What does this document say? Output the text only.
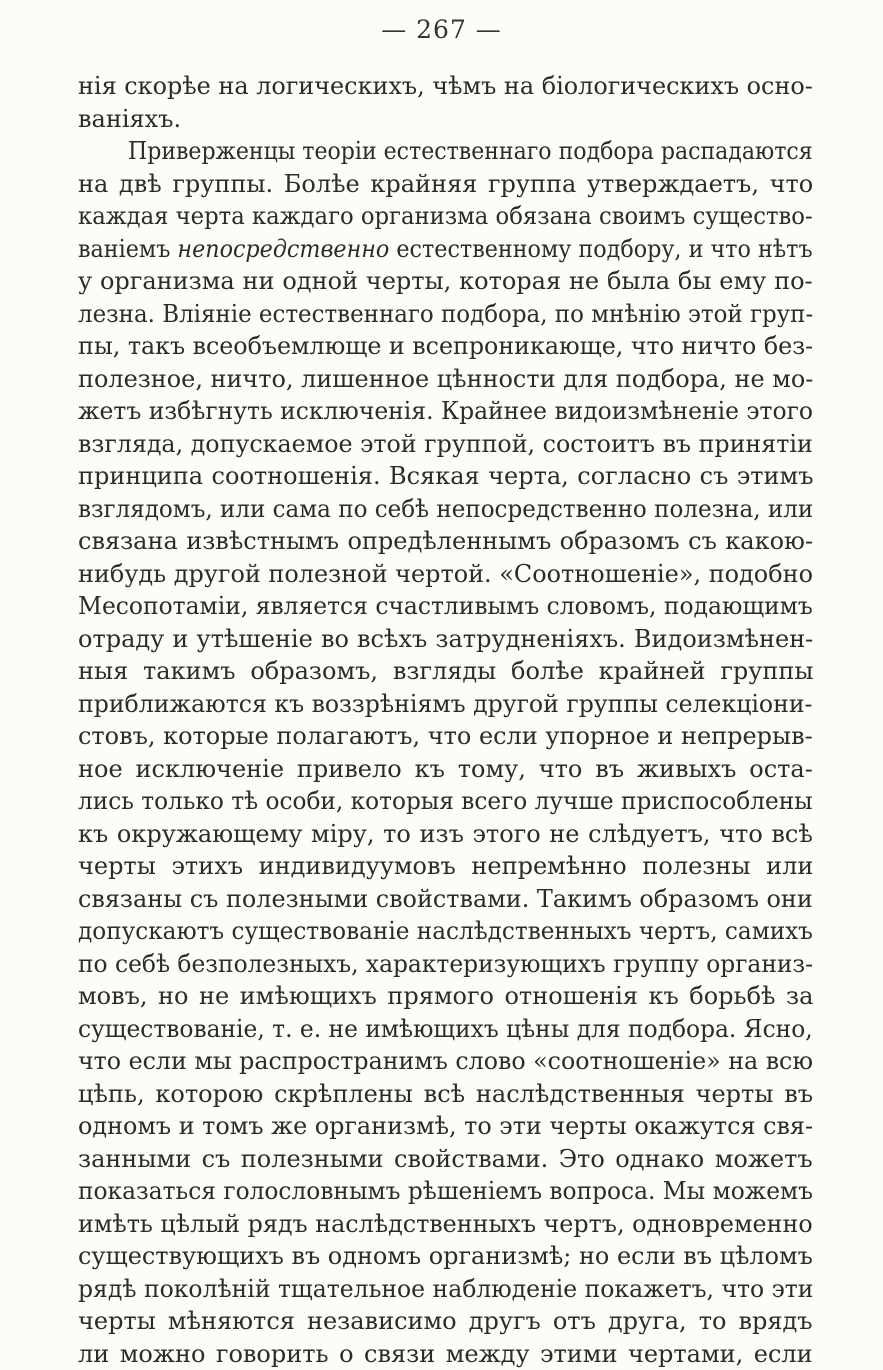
— 267 —
нія скорѣе на логическихъ, чѣмъ на біологическихъ осно-
ваніяхъ.
Приверженцы теоріи естественнаго подбора распадаются
на двѣ группы. Болѣе крайняя группа утверждаетъ, что
каждая черта каждаго организма обязана своимъ существо-
ваніемъ непосредственно естественному подбору, и что нѣтъ
у организма ни одной черты, которая не была бы ему по-
лезна. Вліяніе естественнаго подбора, по мнѣнію этой груп-
пы, такъ всеобъемлюще и всепроникающе, что ничто без-
полезное, ничто, лишенное цѣнности для подбора, не мо-
жетъ избѣгнуть исключенія. Крайнее видоизмѣненіе этого
взгляда, допускаемое этой группой, состоитъ въ принятіи
принципа соотношенія. Всякая черта, согласно съ этимъ
взглядомъ, или сама по себѣ непосредственно полезна, или
связана извѣстнымъ опредѣленнымъ образомъ съ какою-
нибудь другой полезной чертой. «Соотношеніе», подобно
Месопотаміи, является счастливымъ словомъ, подающимъ
отраду и утѣшеніе во всѣхъ затрудненіяхъ. Видоизмѣнен-
ныя такимъ образомъ, взгляды болѣе крайней группы
приближаются къ воззрѣніямъ другой группы селекціони-
стовъ, которые полагаютъ, что если упорное и непрерыв-
ное исключеніе привело къ тому, что въ живыхъ оста-
лись только тѣ особи, которыя всего лучше приспособлены
къ окружающему міру, то изъ этого не слѣдуетъ, что всѣ
черты этихъ индивидуумовъ непремѣнно полезны или
связаны съ полезными свойствами. Такимъ образомъ они
допускаютъ существованіе наслѣдственныхъ чертъ, самихъ
по себѣ безполезныхъ, характеризующихъ группу организ-
мовъ, но не имѣющихъ прямого отношенія къ борьбѣ за
существованіе, т. е. не имѣющихъ цѣны для подбора. Ясно,
что если мы распространимъ слово «соотношеніе» на всю
цѣпь, которою скрѣплены всѣ наслѣдственныя черты въ
одномъ и томъ же организмѣ, то эти черты окажутся свя-
занными съ полезными свойствами. Это однако можетъ
показаться голословнымъ рѣшеніемъ вопроса. Мы можемъ
имѣть цѣлый рядъ наслѣдственныхъ чертъ, одновременно
существующихъ въ одномъ организмѣ; но если въ цѣломъ
рядѣ поколѣній тщательное наблюденіе покажетъ, что эти
черты мѣняются независимо другъ отъ друга, то врядъ
ли можно говорить о связи между этими чертами, если
